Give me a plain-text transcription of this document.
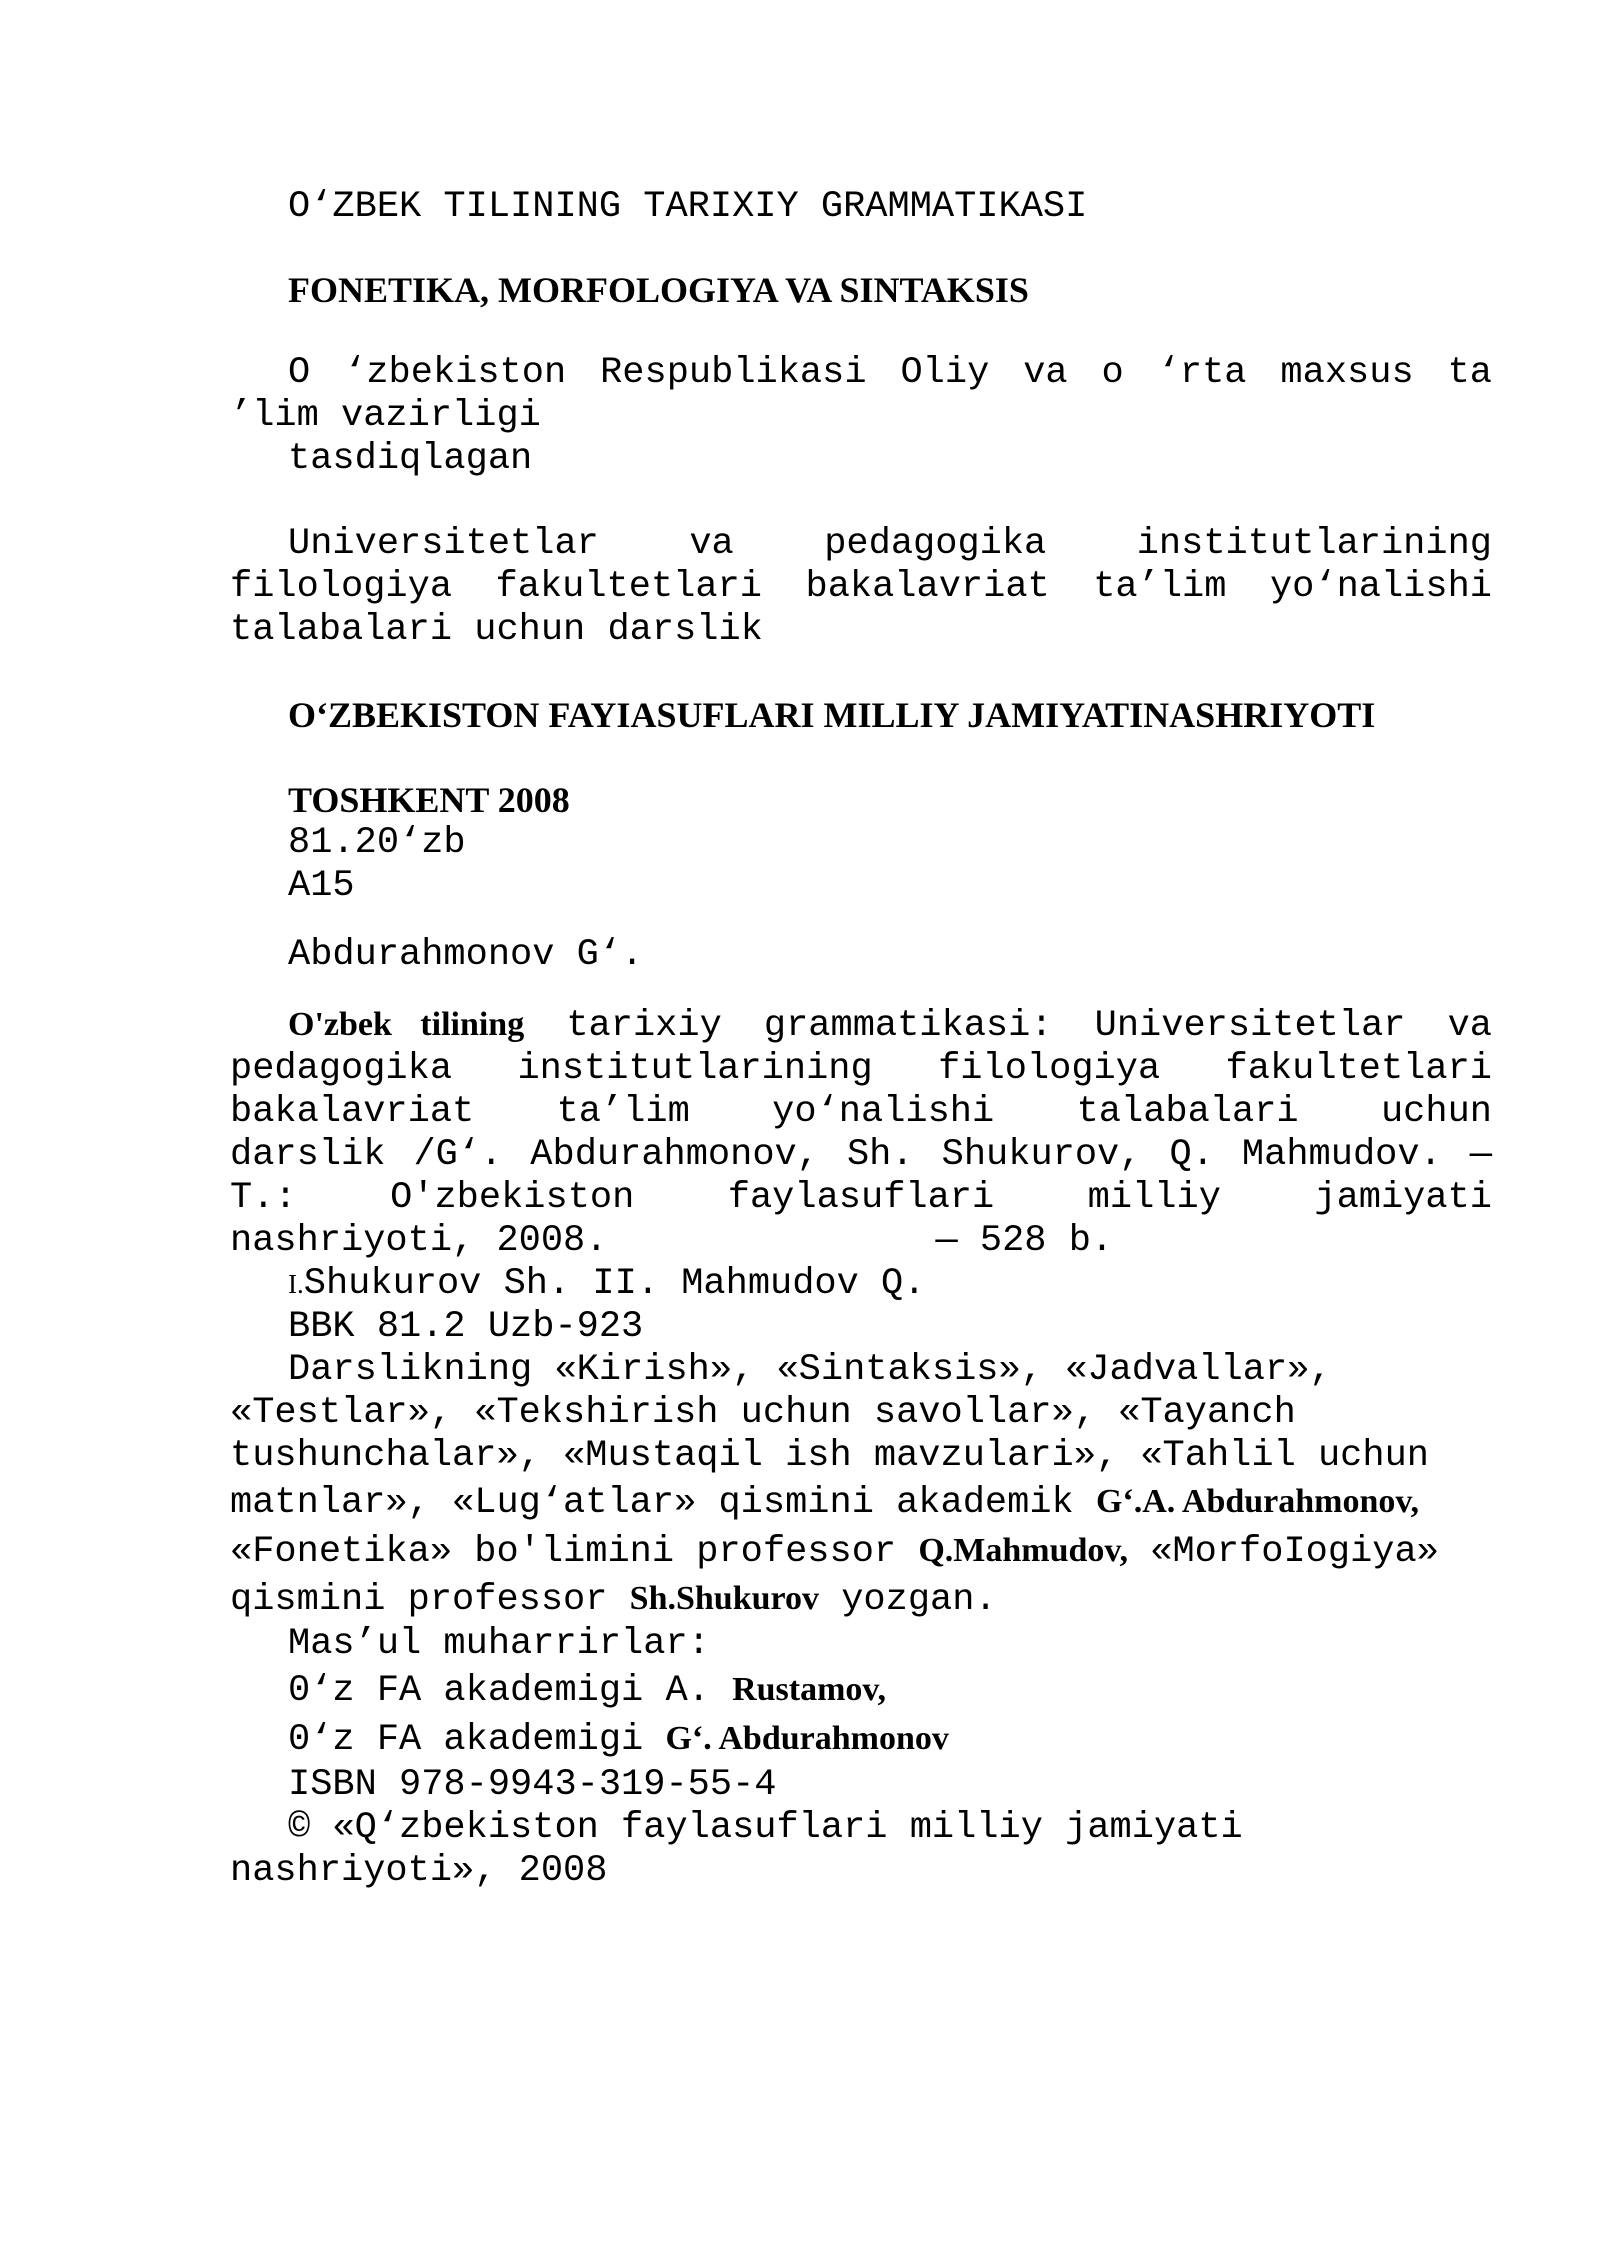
O‘ZBEK TILINING TARIXIY GRAMMATIKASI

FONETIKA, MORFOLOGIYA VA SINTAKSIS

O ‘zbekiston Respublikasi Oliy va o ‘rta maxsus ta

’lim vazirligi

tasdiqlagan

Universitetlar va pedagogika institutlarining

filologiya fakultetlari bakalavriat ta’lim yo‘nalishi

talabalari uchun darslik

O‘ZBEKISTON FAYIASUFLARI MILLIY JAMIYATINASHRIYOTI

TOSHKENT 2008

81.20‘zb

A15

Abdurahmonov G‘.

O'zbek tilining tarixiy grammatikasi: Universitetlar va

pedagogika institutlarining filologiya fakultetlari

bakalavriat ta’lim yo‘nalishi talabalari uchun

darslik /G‘. Abdurahmonov, Sh. Shukurov, Q. Mahmudov. —

T.: O'zbekiston faylasuflari milliy jamiyati

nashriyoti, 2008.	— 528 b.

I.Shukurov Sh. II. Mahmudov Q.

BBK 81.2 Uzb-923

Darslikning «Kirish», «Sintaksis», «Jadvallar»,

«Testlar», «Tekshirish uchun savollar», «Tayanch

tushunchalar», «Mustaqil ish mavzulari», «Tahlil uchun

matnlar», «Lug‘atlar» qismini akademik G‘.A. Abdurahmonov,

«Fonetika» bo'limini professor Q.Mahmudov, «MorfoIogiya»

qismini professor Sh.Shukurov yozgan.

Mas’ul muharrirlar:

0‘z FA akademigi A. Rustamov,

0‘z FA akademigi G‘. Abdurahmonov

ISBN 978-9943-319-55-4

© «Q‘zbekiston faylasuflari milliy jamiyati

nashriyoti», 2008
